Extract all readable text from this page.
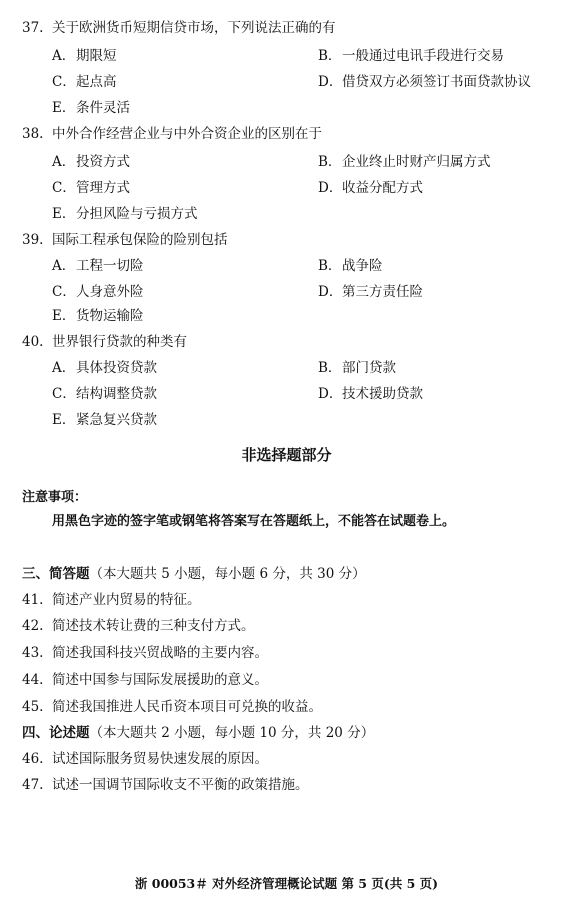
37. 关于欧洲货币短期信贷市场，下列说法正确的有
A．期限短	B．一般通过电讯手段进行交易
C．起点高	D．借贷双方必须签订书面贷款协议
E．条件灵活
38. 中外合作经营企业与中外合资企业的区别在于
A．投资方式	B．企业终止时财产归属方式
C．管理方式	D．收益分配方式
E．分担风险与亏损方式
39. 国际工程承包保险的险别包括
A．工程一切险	B．战争险
C．人身意外险	D．第三方责任险
E．货物运输险
40. 世界银行贷款的种类有
A．具体投资贷款	B．部门贷款
C．结构调整贷款	D．技术援助贷款
E．紧急复兴贷款
非选择题部分
注意事项：
用黑色字迹的签字笔或钢笔将答案写在答题纸上，不能答在试题卷上。
三、简答题（本大题共 5 小题，每小题 6 分，共 30 分）
41. 简述产业内贸易的特征。
42. 简述技术转让费的三种支付方式。
43. 简述我国科技兴贸战略的主要内容。
44. 简述中国参与国际发展援助的意义。
45. 简述我国推进人民币资本项目可兑换的收益。
四、论述题（本大题共 2 小题，每小题 10 分，共 20 分）
46. 试述国际服务贸易快速发展的原因。
47. 试述一国调节国际收支不平衡的政策措施。
浙 00053＃ 对外经济管理概论试题 第 5 页(共 5 页)
